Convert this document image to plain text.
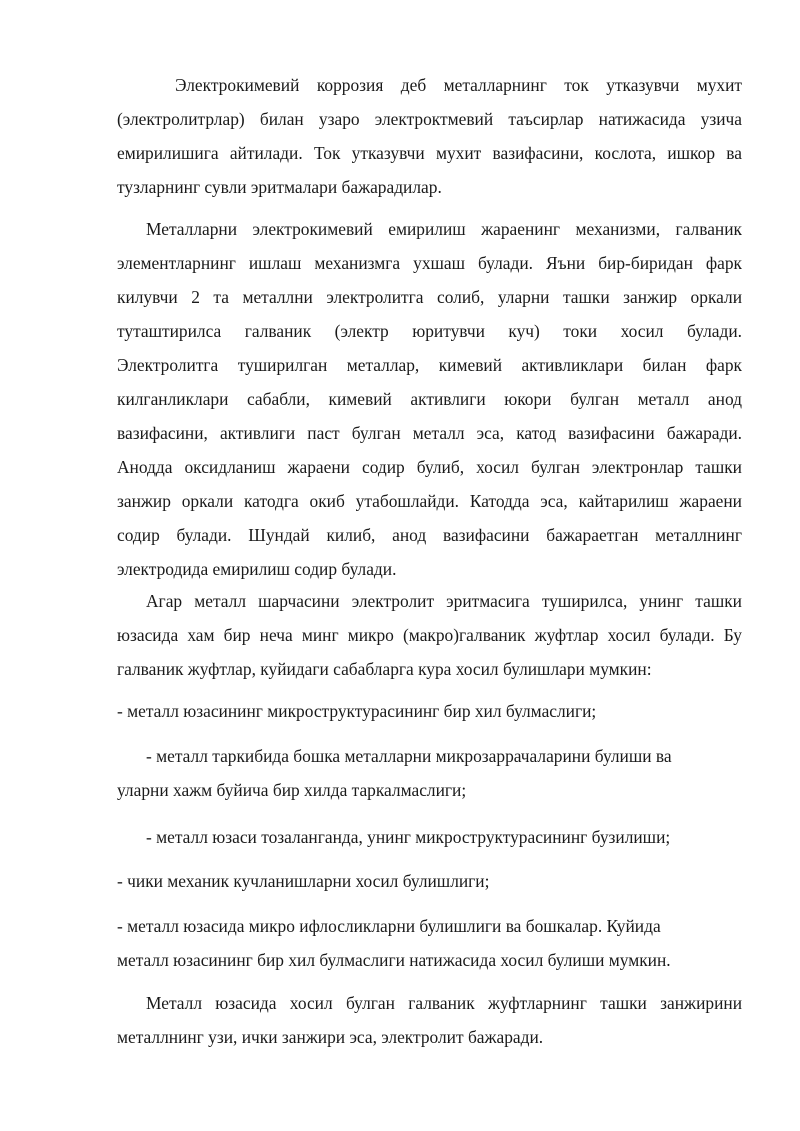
Электрокимевий коррозия деб металларнинг ток утказувчи мухит
(электролитрлар) билан узаро электроктмевий таъсирлар натижасида узича
емирилишига айтилади. Ток утказувчи мухит вазифасини, кослота, ишкор ва
тузларнинг сувли эритмалари бажарадилар.

Металларни электрокимевий емирилиш жараенинг механизми, галваник
элементларнинг ишлаш механизмга ухшаш булади. Яъни бир-биридан фарк
килувчи 2 та металлни электролитга солиб, уларни ташки занжир оркали
туташтирилса галваник (электр юритувчи куч) токи хосил булади.
Электролитга туширилган металлар, кимевий активликлари билан фарк
килганликлари сабабли, кимевий активлиги юкори булган металл анод
вазифасини, активлиги паст булган металл эса, катод вазифасини бажаради.
Анодда оксидланиш жараени содир булиб, хосил булган электронлар ташки
занжир оркали катодга окиб утабошлайди. Катодда эса, кайтарилиш жараени
содир булади. Шундай килиб, анод вазифасини бажараетган металлнинг
электродида емирилиш содир булади.

Агар металл шарчасини электролит эритмасига туширилса, унинг ташки
юзасида хам бир неча минг микро (макро)галваник жуфтлар хосил булади. Бу
галваник жуфтлар, куйидаги сабабларга кура хосил булишлари мумкин:

- металл юзасининг микроструктурасининг бир хил булмаслиги;

- металл таркибида бошка металларни микрозаррачаларини булиши ва
уларни хажм буйича бир хилда таркалмаслиги;

- металл юзаси тозаланганда, унинг микроструктурасининг бузилиши;

- чики механик кучланишларни хосил булишлиги;

- металл юзасида микро ифлосликларни булишлиги ва бошкалар. Куйида
металл юзасининг бир хил булмаслиги натижасида хосил булиши мумкин.

Металл юзасида хосил булган галваник жуфтларнинг ташки занжирини
металлнинг узи, ички занжири эса, электролит бажаради.
